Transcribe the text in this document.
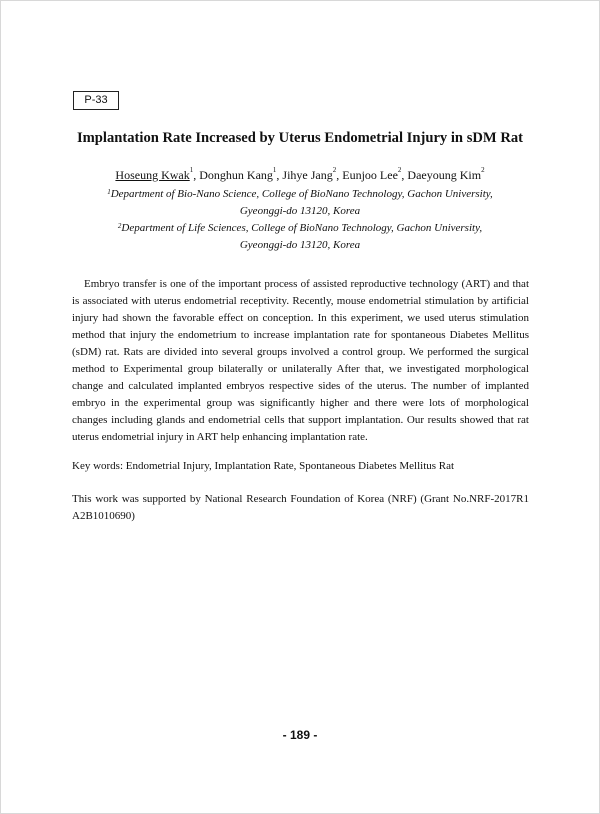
P-33
Implantation Rate Increased by Uterus Endometrial Injury in sDM Rat
Hoseung Kwak$^1$, Donghun Kang$^1$, Jihye Jang$^2$, Eunjoo Lee$^2$, Daeyoung Kim$^2$
$^1$Department of Bio-Nano Science, College of BioNano Technology, Gachon University,
Gyeonggi-do 13120, Korea
$^2$Department of Life Sciences, College of BioNano Technology, Gachon University,
Gyeonggi-do 13120, Korea

Embryo transfer is one of the important process of assisted reproductive technology (ART) and that is associated with uterus endometrial receptivity. Recently, mouse endometrial stimulation by artificial injury had shown the favorable effect on conception. In this experiment, we used uterus stimulation method that injury the endometrium to increase implantation rate for spontaneous Diabetes Mellitus (sDM) rat. Rats are divided into several groups involved a control group. We performed the surgical method to Experimental group bilaterally or unilaterally After that, we investigated morphological change and calculated implanted embryos respective sides of the uterus. The number of implanted embryo in the experimental group was significantly higher and there were lots of morphological changes including glands and endometrial cells that support implantation. Our results showed that rat uterus endometrial injury in ART help enhancing implantation rate.

Key words: Endometrial Injury, Implantation Rate, Spontaneous Diabetes Mellitus Rat

This work was supported by National Research Foundation of Korea (NRF) (Grant No.NRF-2017R1 A2B1010690)

- 189 -
